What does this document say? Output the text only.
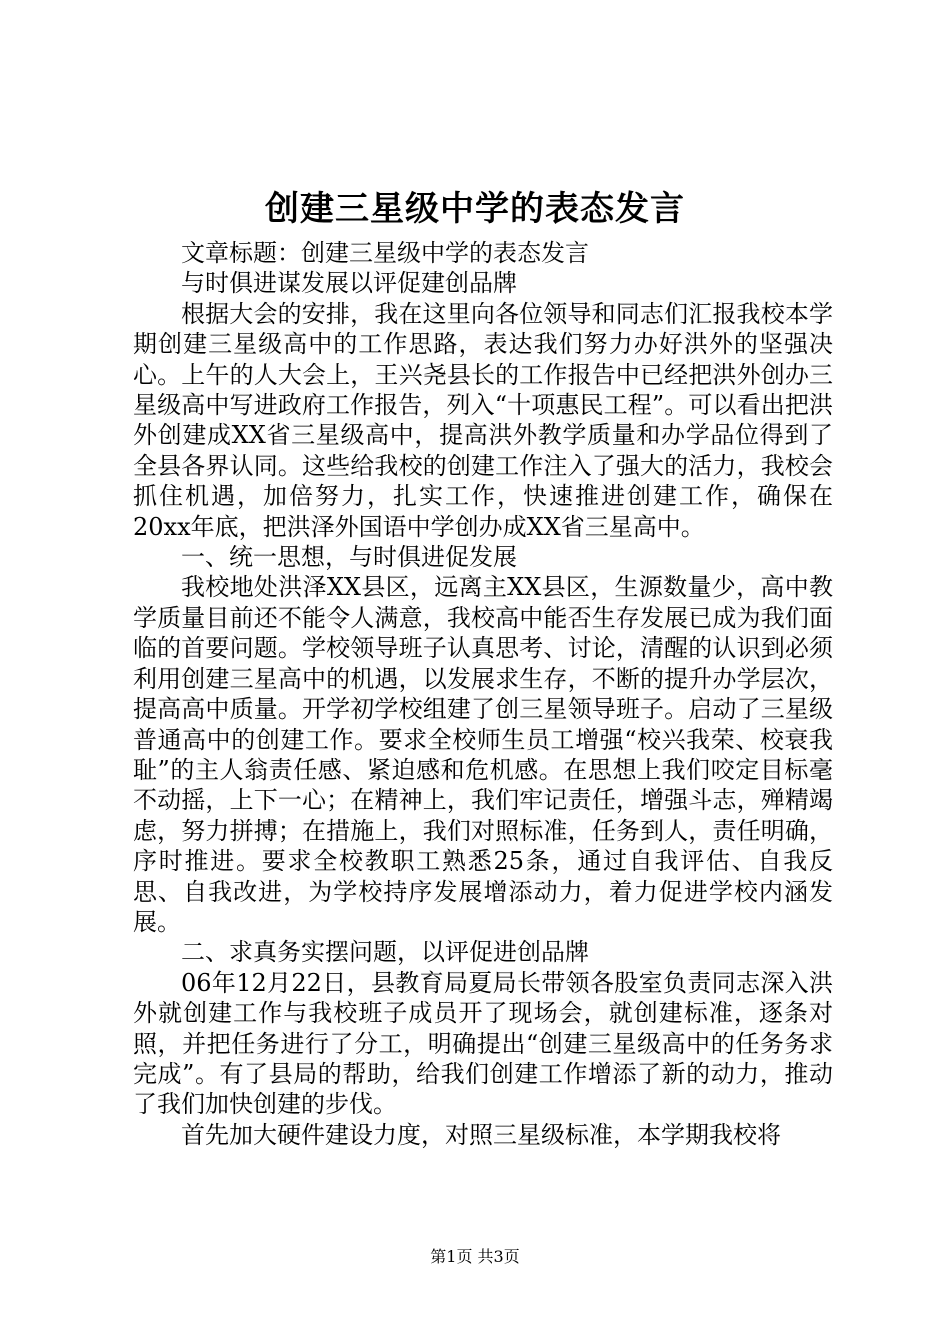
创建三星级中学的表态发言

文章标题：创建三星级中学的表态发言

与时俱进谋发展以评促建创品牌

根据大会的安排，我在这里向各位领导和同志们汇报我校本学期创建三星级高中的工作思路，表达我们努力办好洪外的坚强决心。上午的人大会上，王兴尧县长的工作报告中已经把洪外创办三星级高中写进政府工作报告，列入“十项惠民工程”。可以看出把洪外创建成XX省三星级高中，提高洪外教学质量和办学品位得到了全县各界认同。这些给我校的创建工作注入了强大的活力，我校会抓住机遇，加倍努力，扎实工作，快速推进创建工作，确保在20xx年底，把洪泽外国语中学创办成XX省三星高中。

一、统一思想，与时俱进促发展

我校地处洪泽XX县区，远离主XX县区，生源数量少，高中教学质量目前还不能令人满意，我校高中能否生存发展已成为我们面临的首要问题。学校领导班子认真思考、讨论，清醒的认识到必须利用创建三星高中的机遇，以发展求生存，不断的提升办学层次，提高高中质量。开学初学校组建了创三星领导班子。启动了三星级普通高中的创建工作。要求全校师生员工增强“校兴我荣、校衰我耻”的主人翁责任感、紧迫感和危机感。在思想上我们咬定目标毫不动摇，上下一心；在精神上，我们牢记责任，增强斗志，殚精竭虑，努力拼搏；在措施上，我们对照标准，任务到人，责任明确，序时推进。要求全校教职工熟悉25条，通过自我评估、自我反思、自我改进，为学校持序发展增添动力，着力促进学校内涵发展。

二、求真务实摆问题，以评促进创品牌

06年12月22日，县教育局夏局长带领各股室负责同志深入洪外就创建工作与我校班子成员开了现场会，就创建标准，逐条对照，并把任务进行了分工，明确提出“创建三星级高中的任务务求完成”。有了县局的帮助，给我们创建工作增添了新的动力，推动了我们加快创建的步伐。

首先加大硬件建设力度，对照三星级标准，本学期我校将

第1页 共3页
